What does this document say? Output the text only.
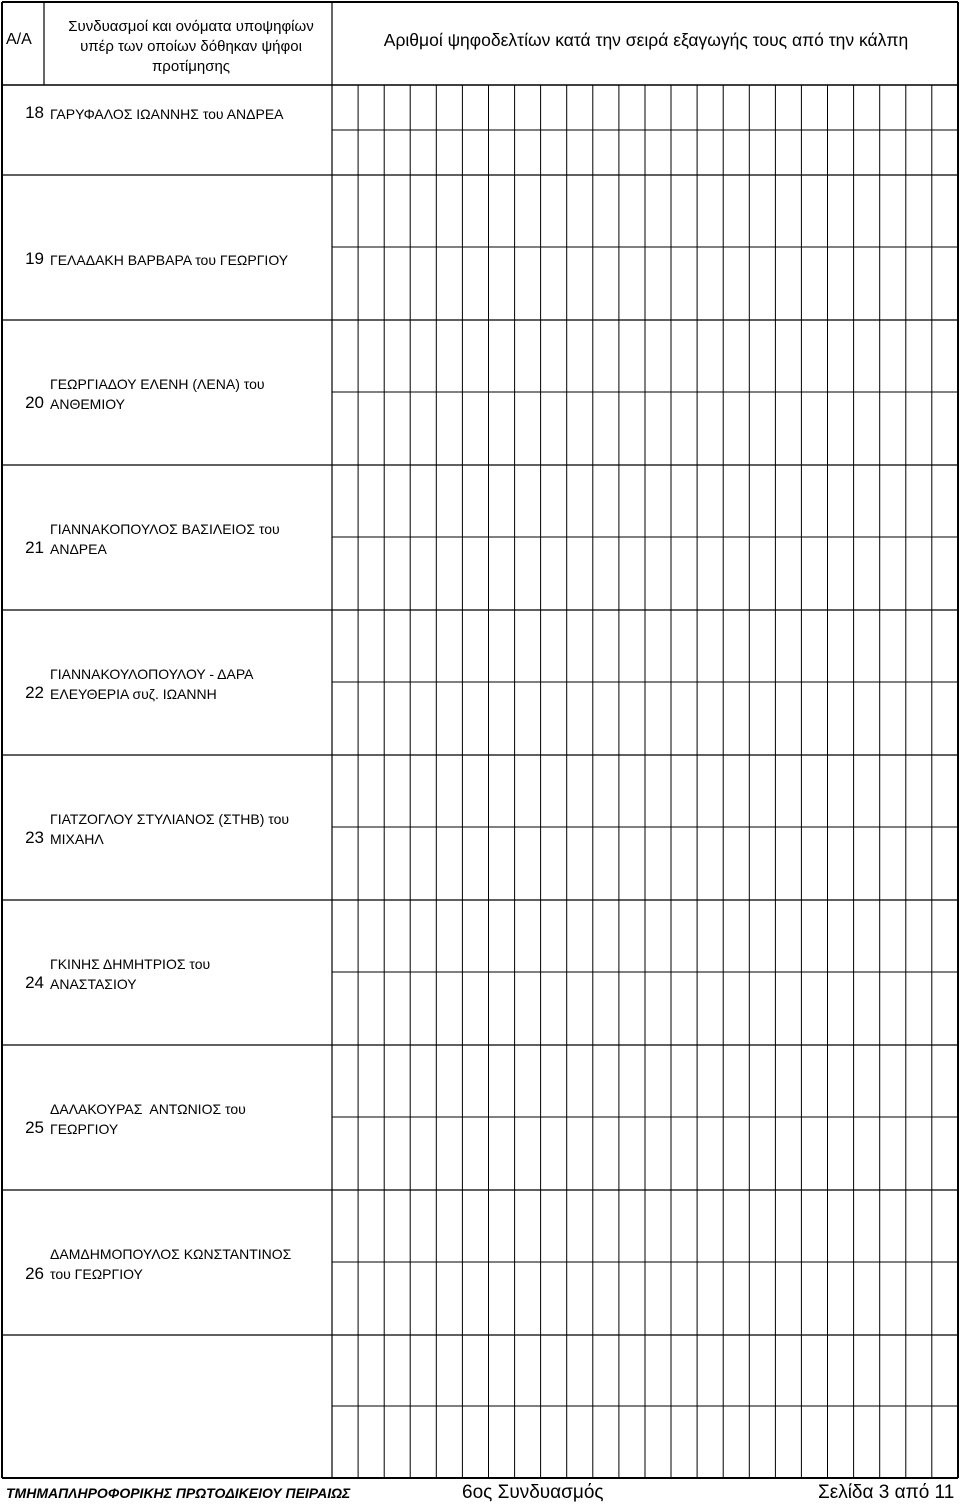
Α/Α
Συνδυασμοί και ονόματα υποψηφίων
υπέρ των οποίων δόθηκαν ψήφοι
προτίμησης
Αριθμοί ψηφοδελτίων κατά την σειρά εξαγωγής τους από την κάλπη
18 ΓΑΡΥΦΑΛΟΣ ΙΩΑΝΝΗΣ του ΑΝΔΡΕΑ
19 ΓΕΛΑΔΑΚΗ ΒΑΡΒΑΡΑ του ΓΕΩΡΓΙΟΥ
20
ΓΕΩΡΓΙΑΔΟΥ ΕΛΕΝΗ (ΛΕΝΑ) του
ΑΝΘΕΜΙΟΥ
21
ΓΙΑΝΝΑΚΟΠΟΥΛΟΣ ΒΑΣΙΛΕΙΟΣ του
ΑΝΔΡΕΑ
22
ΓΙΑΝΝΑΚΟΥΛΟΠΟΥΛΟΥ - ΔΑΡΑ
ΕΛΕΥΘΕΡΙΑ συζ. ΙΩΑΝΝΗ
23
ΓΙΑΤΖΟΓΛΟΥ ΣΤΥΛΙΑΝΟΣ (ΣΤΗΒ) του
ΜΙΧΑΗΛ
24
ΓΚΙΝΗΣ ΔΗΜΗΤΡΙΟΣ του
ΑΝΑΣΤΑΣΙΟΥ
25
ΔΑΛΑΚΟΥΡΑΣ  ΑΝΤΩΝΙΟΣ του
ΓΕΩΡΓΙΟΥ
26
ΔΑΜΔΗΜΟΠΟΥΛΟΣ ΚΩΝΣΤΑΝΤΙΝΟΣ
του ΓΕΩΡΓΙΟΥ
ΤΜΗΜΑΠΛΗΡΟΦΟΡΙΚΗΣ ΠΡΩΤΟΔΙΚΕΙΟΥ ΠΕΙΡΑΙΩΣ	6ος Συνδυασμός	Σελίδα 3 από 11
